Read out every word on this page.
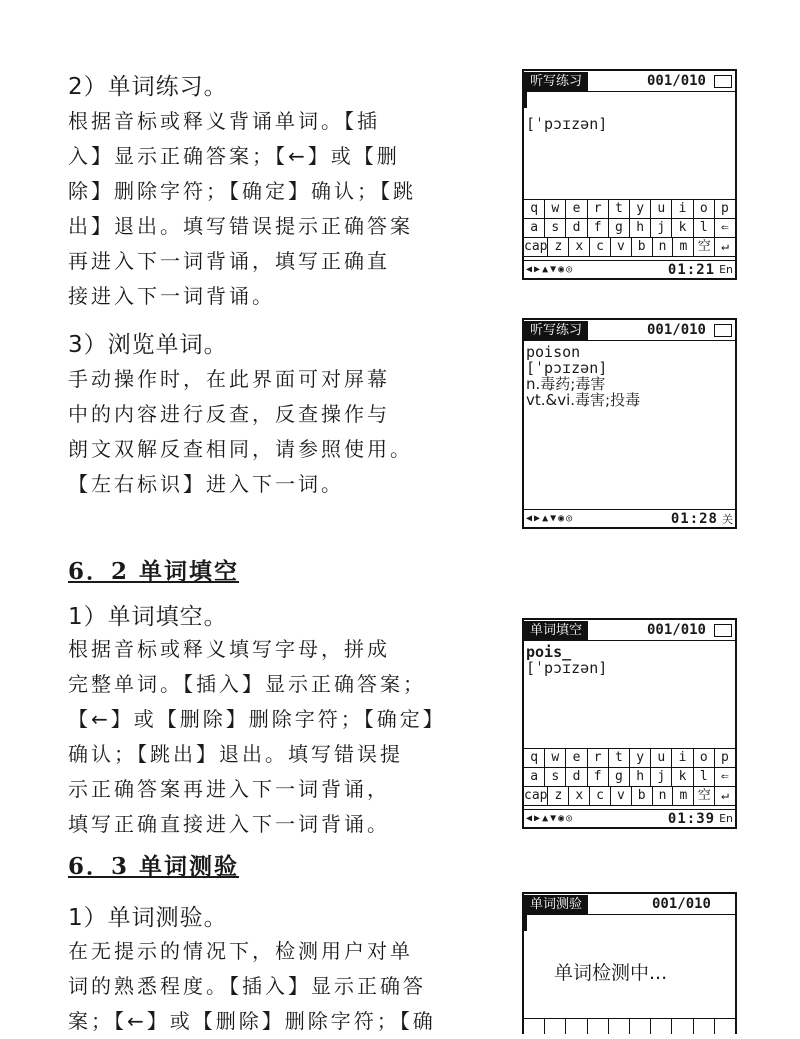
2）单词练习。
根据音标或释义背诵单词。【插
入】显示正确答案；【←】或【删
除】删除字符；【确定】确认；【跳
出】退出。填写错误提示正确答案
再进入下一词背诵，填写正确直
接进入下一词背诵。
3）浏览单词。
手动操作时，在此界面可对屏幕
中的内容进行反查，反查操作与
朗文双解反查相同，请参照使用。
【左右标识】进入下一词。
6．2 单词填空
1）单词填空。
根据音标或释义填写字母，拼成
完整单词。【插入】显示正确答案；
【←】或【删除】删除字符；【确定】
确认；【跳出】退出。填写错误提
示正确答案再进入下一词背诵，
填写正确直接进入下一词背诵。
6．3 单词测验
1）单词测验。
在无提示的情况下，检测用户对单
词的熟悉程度。【插入】显示正确答
案；【←】或【删除】删除字符；【确
听写练习	001/010
[ˈpɔɪzən]
q	w	e	r	t	y	u	i	o	p
a	s	d	f	g	h	j	k	l	⇐
cap z	x	c	v	b	n	m 空 ↵
◀ ▶ ▲ ▼ ◉ ◎	01:21 En
听写练习	001/010
poison
[ˈpɔɪzən]
n.毒药;毒害
vt.&vi.毒害;投毒
◀ ▶ ▲ ▼ ◉ ◎	01:28 关
单词填空	001/010
pois_
[ˈpɔɪzən]
q	w	e	r	t	y	u	i	o	p
a	s	d	f	g	h	j	k	l	⇐
cap z	x	c	v	b	n	m 空 ↵
◀ ▶ ▲ ▼ ◉ ◎	01:39 En
单词测验	001/010
单词检测中...
